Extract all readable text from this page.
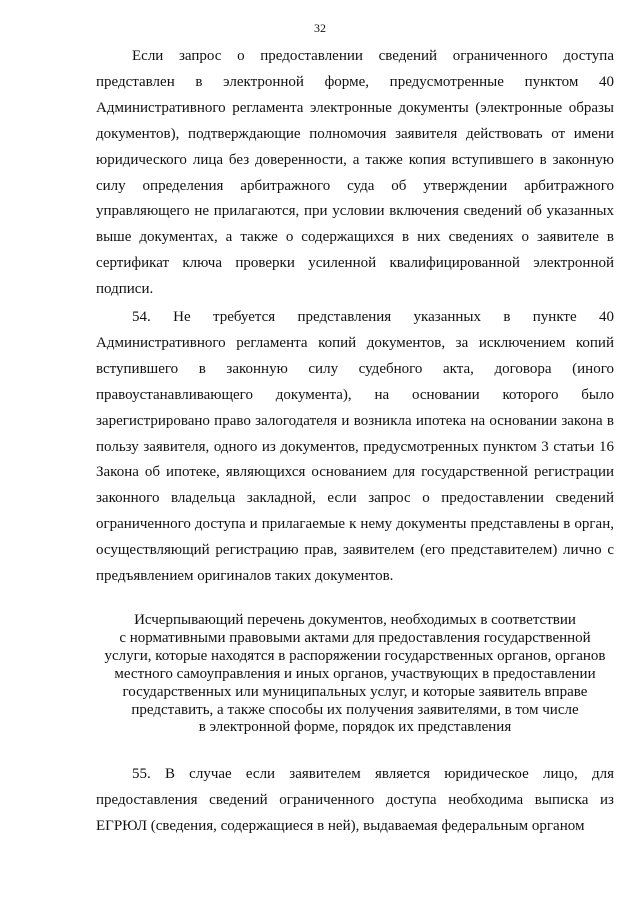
32

Если запрос о предоставлении сведений ограниченного доступа представлен в электронной форме, предусмотренные пунктом 40 Административного регламента электронные документы (электронные образы документов), подтверждающие полномочия заявителя действовать от имени юридического лица без доверенности, а также копия вступившего в законную силу определения арбитражного суда об утверждении арбитражного управляющего не прилагаются, при условии включения сведений об указанных выше документах, а также о содержащихся в них сведениях о заявителе в сертификат ключа проверки усиленной квалифицированной электронной подписи.

54. Не требуется представления указанных в пункте 40 Административного регламента копий документов, за исключением копий вступившего в законную силу судебного акта, договора (иного правоустанавливающего документа), на основании которого было зарегистрировано право залогодателя и возникла ипотека на основании закона в пользу заявителя, одного из документов, предусмотренных пунктом 3 статьи 16 Закона об ипотеке, являющихся основанием для государственной регистрации законного владельца закладной, если запрос о предоставлении сведений ограниченного доступа и прилагаемые к нему документы представлены в орган, осуществляющий регистрацию прав, заявителем (его представителем) лично с предъявлением оригиналов таких документов.

Исчерпывающий перечень документов, необходимых в соответствии
с нормативными правовыми актами для предоставления государственной
услуги, которые находятся в распоряжении государственных органов, органов
местного самоуправления и иных органов, участвующих в предоставлении
государственных или муниципальных услуг, и которые заявитель вправе
представить, а также способы их получения заявителями, в том числе
в электронной форме, порядок их представления

55. В случае если заявителем является юридическое лицо, для предоставления сведений ограниченного доступа необходима выписка из ЕГРЮЛ (сведения, содержащиеся в ней), выдаваемая федеральным органом
